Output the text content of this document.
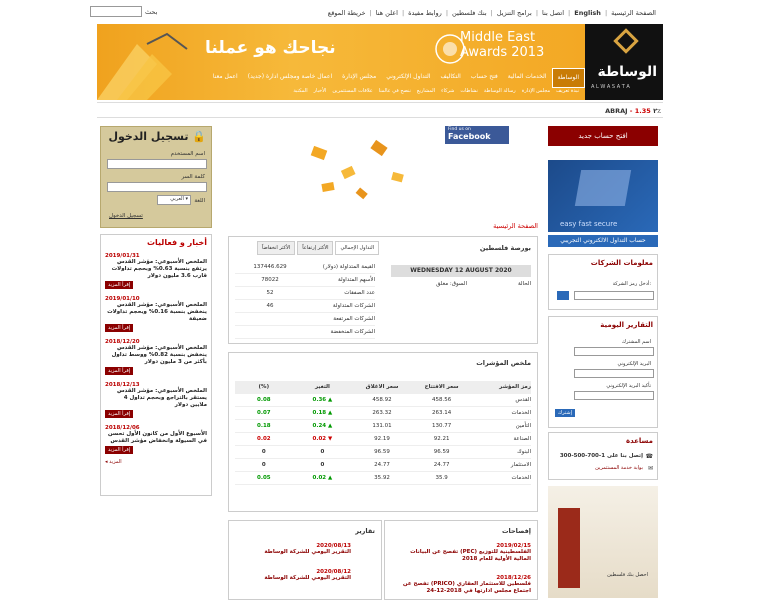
بحث	الصفحة الرئيسية
|
English
|
اتصل بنا
|
برامج التنزيل
|
بنك فلسطين
|
روابط مفيدة
|
اعلن هنا
|
خريطة الموقع
Middle East
Awards 2013
نجاحك هو عملنا
الوساطة
A L W A S A T A
الوساطة
الخدمات المالية
فتح حساب
التكاليف
التداول الإلكتروني
مجلس الإدارة
اعمال خاصة ومجلس ادارة (جديد)
اعمل معنا
نبذة تعريف
مجلس الإدارة
رسالة الوساطة
نشاطات
شركاء
المشاريع
ننصح في عالمنا
علاقات المستثمرين
الأخبار
المكتبة
ABRAJ - 1.35 ٢٪
تسجيل الدخول 🔒
اسم المستخدم
كلمة السر
اللغة
تسجيل الدخول
العربي ▾
أخبار و فعاليات
2019/01/31
الملخص الأسبوعي: مؤشر القدس يرتفع بنسبة 0.63% وبحجم تداولات قارب 3.6 مليون دولار
إقرأ المزيد
2019/01/10
الملخص الأسبوعي: مؤشر القدس ينخفض بنسبة 0.16% وبحجم تداولات ضعيفة
إقرأ المزيد
2018/12/20
الملخص الأسبوعي: مؤشر القدس ينخفض بنسبة 0.82% ووسط تداول بأكثر من 3 مليون دولار
إقرأ المزيد
2018/12/13
الملخص الأسبوعي: مؤشر القدس يستقر بالتراجع وبحجم تداول 4 ملايين دولار
إقرأ المزيد
2018/12/06
الأسبوع الأول من كانون الأول تحسن في السيولة وانخفاض مؤشر القدس
إقرأ المزيد
◂ المزيد
Find us on
Facebook
الصفحة الرئيسية
بورصة فلسطين
WEDNESDAY 12 AUGUST 2020
الحالة
السوق: مغلق
التداول الإجمالي
الأكثر إرتفاعاً
الأكثر انخفاضاً
القيمة المتداولة (دولار)
137446.629
الأسهم المتداولة
78022
عدد الصفقات
52
الشركات المتداولة
46
الشركات المرتفعة
الشركات المنخفضة
ملخص المؤشرات
رمز المؤشر
سعر الافتتاح
سعر الاغلاق
التغير
(%)
القدس
458.56
458.92
▲ 0.36
0.08
الخدمات
263.14
263.32
▲ 0.18
0.07
التأمين
130.77
131.01
▲ 0.24
0.18
الصناعة
92.21
92.19
▼ 0.02
0.02
البنوك
96.59
96.59
0
0
الاستثمار
24.77
24.77
0
0
الخدمات
35.9
35.92
▲ 0.02
0.05
تقارير
2020/08/13
التقرير اليومي للشركة الوساطة
2020/08/12
التقرير اليومي للشركة الوساطة
إفصاحات
2019/02/15
الفلسطينية للتوزيع (PEC) تفصح عن البيانات المالية الأولية للعام 2018
2018/12/26
فلسطين للاستثمار العقاري (PRICO) تفصح عن اجتماع مجلس ادارتها في 2018-12-24
افتح حساب جديد
easy fast secure
حساب التداول الالكتروني التجريبي
معلومات الشركات
أدخل رمز الشركة:
التقارير اليومية
اسم المشترك
البريد الإلكتروني
تأكيد البريد الإلكتروني
إشترك
مساعدة
إتصل بنا على 1-700-500-300
بوابة خدمة المستثمرين
☎
✉
احصل بنك فلسطين
